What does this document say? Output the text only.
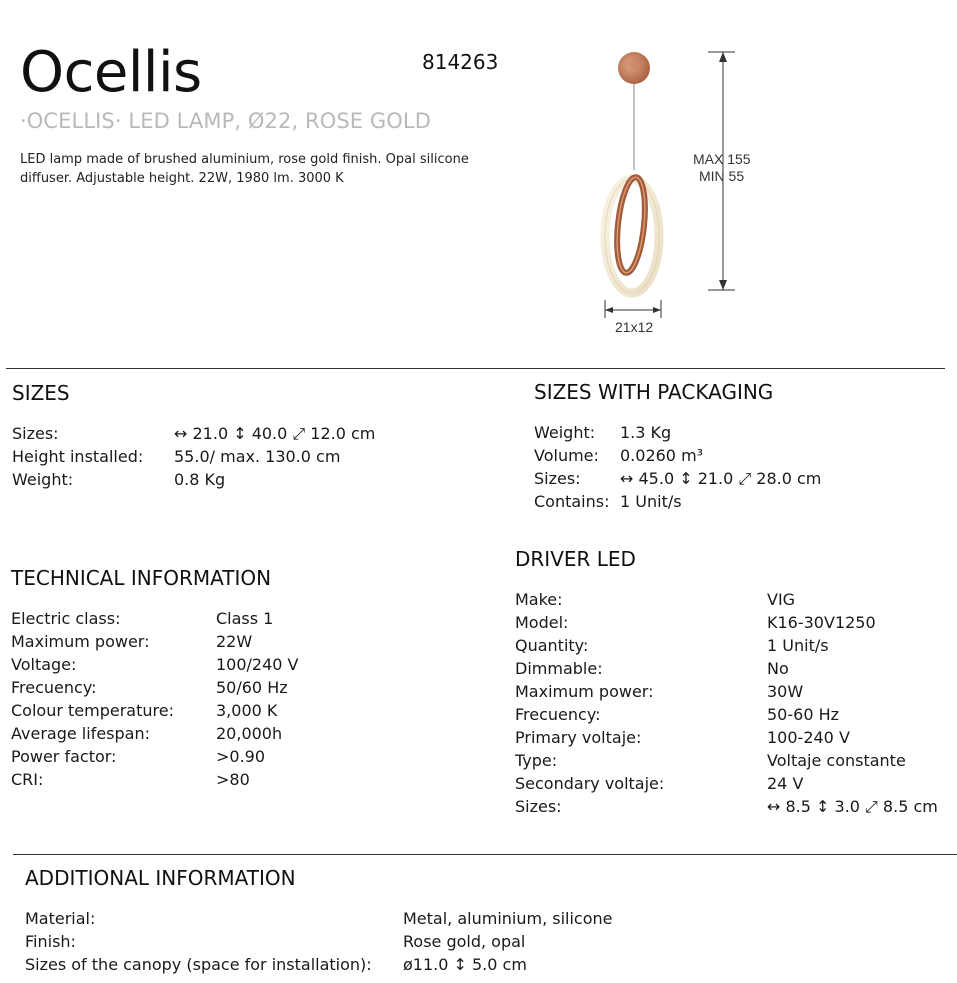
Ocellis	814263
·OCELLIS· LED LAMP, Ø22, ROSE GOLD
LED lamp made of brushed aluminium, rose gold finish. Opal silicone diffuser. Adjustable height. 22W, 1980 lm. 3000 K
MAX 155
MIN 55
21x12
SIZES
Sizes:	↔ 21.0 ↕ 40.0 ⤢ 12.0 cm
Height installed:	55.0/ max. 130.0 cm
Weight:	0.8 Kg
SIZES WITH PACKAGING
Weight:	1.3 Kg
Volume:	0.0260 m³
Sizes:	↔ 45.0 ↕ 21.0 ⤢ 28.0 cm
Contains: 1 Unit/s
TECHNICAL INFORMATION
Electric class:	Class 1
Maximum power:	22W
Voltage:	100/240 V
Frecuency:	50/60 Hz
Colour temperature:	3,000 K
Average lifespan:	20,000h
Power factor:	>0.90
CRI:	>80
DRIVER LED
Make:	VIG
Model:	K16-30V1250
Quantity:	1 Unit/s
Dimmable:	No
Maximum power:	30W
Frecuency:	50-60 Hz
Primary voltaje:	100-240 V
Type:	Voltaje constante
Secondary voltaje:	24 V
Sizes:	↔ 8.5 ↕ 3.0 ⤢ 8.5 cm
ADDITIONAL INFORMATION
Material:	Metal, aluminium, silicone
Finish:	Rose gold, opal
Sizes of the canopy (space for installation):	ø11.0 ↕ 5.0 cm
